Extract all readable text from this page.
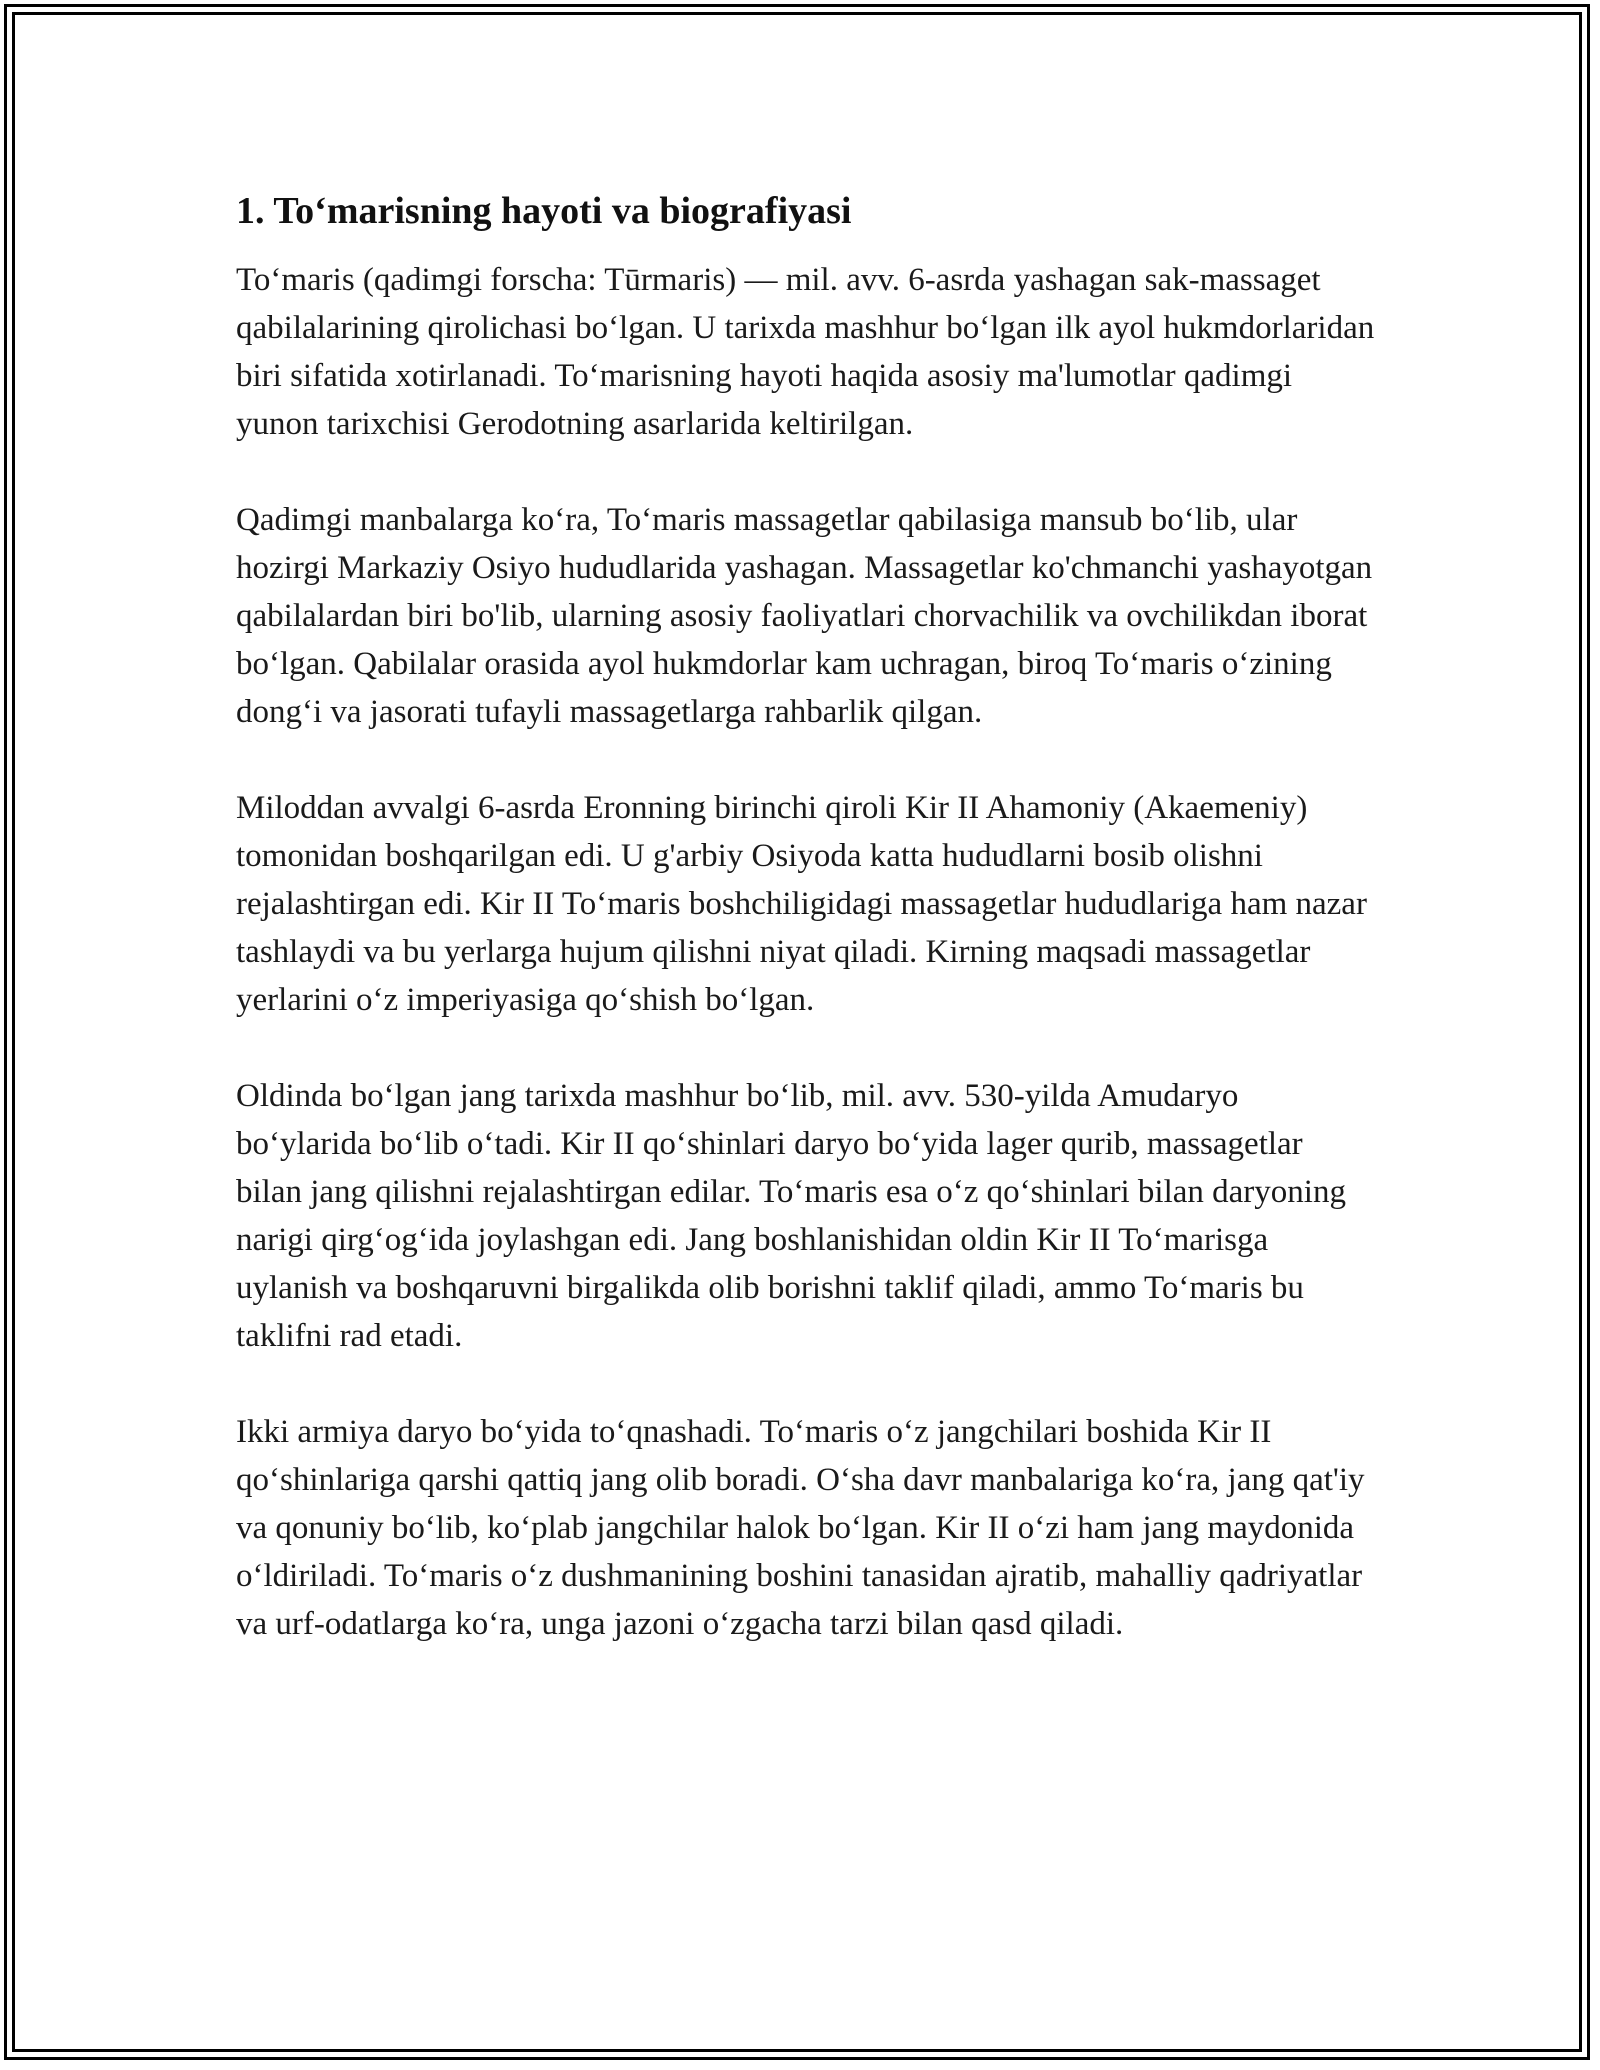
1. To‘marisning hayoti va biografiyasi

To‘maris (qadimgi forscha: Tūrmaris) — mil. avv. 6-asrda yashagan sak-massaget qabilalarining qirolichasi bo‘lgan. U tarixda mashhur bo‘lgan ilk ayol hukmdorlaridan biri sifatida xotirlanadi. To‘marisning hayoti haqida asosiy ma'lumotlar qadimgi yunon tarixchisi Gerodotning asarlarida keltirilgan.

Qadimgi manbalarga ko‘ra, To‘maris massagetlar qabilasiga mansub bo‘lib, ular hozirgi Markaziy Osiyo hududlarida yashagan. Massagetlar ko'chmanchi yashayotgan qabilalardan biri bo'lib, ularning asosiy faoliyatlari chorvachilik va ovchilikdan iborat bo‘lgan. Qabilalar orasida ayol hukmdorlar kam uchragan, biroq To‘maris o‘zining dong‘i va jasorati tufayli massagetlarga rahbarlik qilgan.

Miloddan avvalgi 6-asrda Eronning birinchi qiroli Kir II Ahamoniy (Akaemeniy) tomonidan boshqarilgan edi. U g'arbiy Osiyoda katta hududlarni bosib olishni rejalashtirgan edi. Kir II To‘maris boshchiligidagi massagetlar hududlariga ham nazar tashlaydi va bu yerlarga hujum qilishni niyat qiladi. Kirning maqsadi massagetlar yerlarini o‘z imperiyasiga qo‘shish bo‘lgan.

Oldinda bo‘lgan jang tarixda mashhur bo‘lib, mil. avv. 530-yilda Amudaryo bo‘ylarida bo‘lib o‘tadi. Kir II qo‘shinlari daryo bo‘yida lager qurib, massagetlar bilan jang qilishni rejalashtirgan edilar. To‘maris esa o‘z qo‘shinlari bilan daryoning narigi qirg‘og‘ida joylashgan edi. Jang boshlanishidan oldin Kir II To‘marisga uylanish va boshqaruvni birgalikda olib borishni taklif qiladi, ammo To‘maris bu taklifni rad etadi.

Ikki armiya daryo bo‘yida to‘qnashadi. To‘maris o‘z jangchilari boshida Kir II qo‘shinlariga qarshi qattiq jang olib boradi. O‘sha davr manbalariga ko‘ra, jang qat'iy va qonuniy bo‘lib, ko‘plab jangchilar halok bo‘lgan. Kir II o‘zi ham jang maydonida o‘ldiriladi. To‘maris o‘z dushmanining boshini tanasidan ajratib, mahalliy qadriyatlar va urf-odatlarga ko‘ra, unga jazoni o‘zgacha tarzi bilan qasd qiladi.
